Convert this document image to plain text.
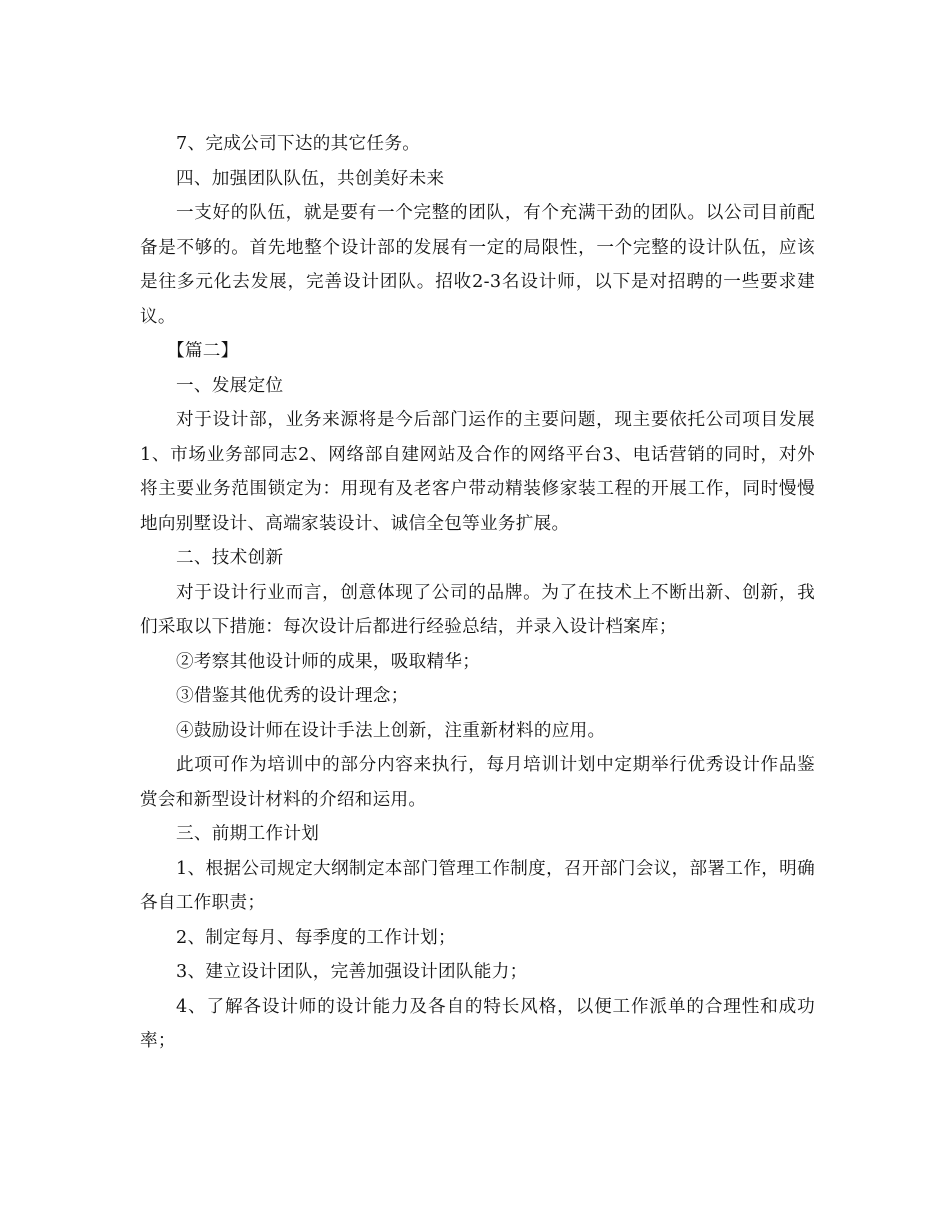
7、完成公司下达的其它任务。

四、加强团队队伍，共创美好未来

一支好的队伍，就是要有一个完整的团队，有个充满干劲的团队。以公司目前配备是不够的。首先地整个设计部的发展有一定的局限性，一个完整的设计队伍，应该是往多元化去发展，完善设计团队。招收2-3名设计师，以下是对招聘的一些要求建议。

【篇二】

一、发展定位

对于设计部，业务来源将是今后部门运作的主要问题，现主要依托公司项目发展1、市场业务部同志2、网络部自建网站及合作的网络平台3、电话营销的同时，对外将主要业务范围锁定为：用现有及老客户带动精装修家装工程的开展工作，同时慢慢地向别墅设计、高端家装设计、诚信全包等业务扩展。

二、技术创新

对于设计行业而言，创意体现了公司的品牌。为了在技术上不断出新、创新，我们采取以下措施：每次设计后都进行经验总结，并录入设计档案库；

②考察其他设计师的成果，吸取精华；

③借鉴其他优秀的设计理念；

④鼓励设计师在设计手法上创新，注重新材料的应用。

此项可作为培训中的部分内容来执行，每月培训计划中定期举行优秀设计作品鉴赏会和新型设计材料的介绍和运用。

三、前期工作计划

1、根据公司规定大纲制定本部门管理工作制度，召开部门会议，部署工作，明确各自工作职责；

2、制定每月、每季度的工作计划；

3、建立设计团队，完善加强设计团队能力；

4、了解各设计师的设计能力及各自的特长风格，以便工作派单的合理性和成功率；
